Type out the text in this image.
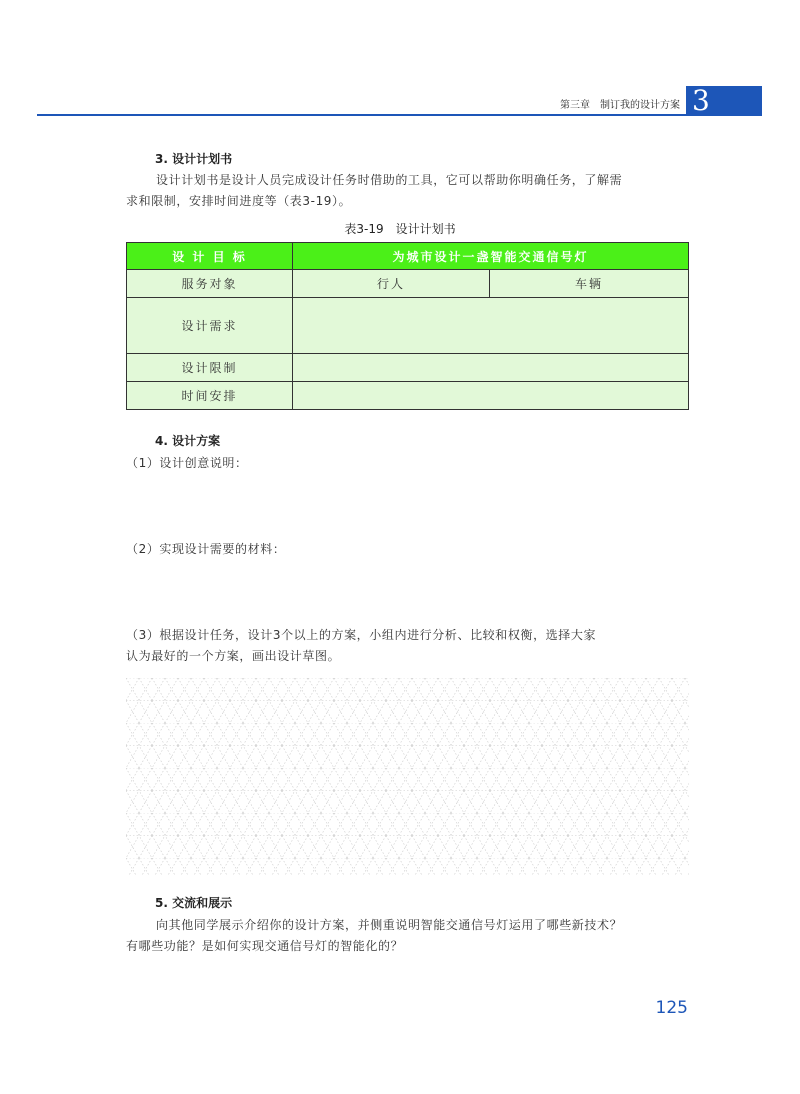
第三章　制订我的设计方案 3
3. 设计计划书
设计计划书是设计人员完成设计任务时借助的工具，它可以帮助你明确任务，了解需
求和限制，安排时间进度等（表3-19）。
表3-19　设计计划书
设 计 目 标	为城市设计一盏智能交通信号灯	
服务对象	行人	车辆
设计需求		
设计限制		
时间安排		
4. 设计方案
（1）设计创意说明：
（2）实现设计需要的材料：
（3）根据设计任务，设计3个以上的方案，小组内进行分析、比较和权衡，选择大家
认为最好的一个方案，画出设计草图。
5. 交流和展示
向其他同学展示介绍你的设计方案，并侧重说明智能交通信号灯运用了哪些新技术？
有哪些功能？是如何实现交通信号灯的智能化的？
125
